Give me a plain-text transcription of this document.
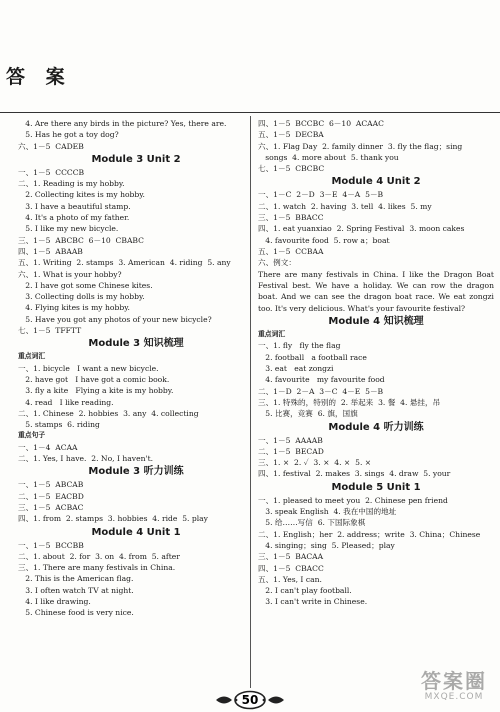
答 案
4. Are there any birds in the picture? Yes, there are.
5. Has he got a toy dog?
六、1－5  CADEB
Module 3 Unit 2
一、1－5  CCCCB
二、1. Reading is my hobby.
2. Collecting kites is my hobby.
3. I have a beautiful stamp.
4. It's a photo of my father.
5. I like my new bicycle.
三、1－5  ABCBC  6－10  CBABC
四、1－5  ABAAB
五、1. Writing  2. stamps  3. American  4. riding  5. any
六、1. What is your hobby?
2. I have got some Chinese kites.
3. Collecting dolls is my hobby.
4. Flying kites is my hobby.
5. Have you got any photos of your new bicycle?
七、1－5  TFFTT
Module 3 知识梳理
重点词汇
一、1. bicycle   I want a new bicycle.
2. have got   I have got a comic book.
3. fly a kite   Flying a kite is my hobby.
4. read   I like reading.
二、1. Chinese  2. hobbies  3. any  4. collecting
5. stamps  6. riding
重点句子
一、1－4  ACAA
二、1. Yes, I have.  2. No, I haven't.
Module 3 听力训练
一、1－5  ABCAB
二、1－5  EACBD
三、1－5  ACBAC
四、1. from  2. stamps  3. hobbies  4. ride  5. play
Module 4 Unit 1
一、1－5  BCCBB
二、1. about  2. for  3. on  4. from  5. after
三、1. There are many festivals in China.
2. This is the American flag.
3. I often watch TV at night.
4. I like drawing.
5. Chinese food is very nice.
四、1－5  BCCBC  6－10  ACAAC
五、1－5  DECBA
六、1. Flag Day  2. family dinner  3. fly the flag；sing
songs  4. more about  5. thank you
七、1－5  CBCBC
Module 4 Unit 2
一、1－C  2－D  3－E  4－A  5－B
二、1. watch  2. having  3. tell  4. likes  5. my
三、1－5  BBACC
四、1. eat yuanxiao  2. Spring Festival  3. moon cakes
4. favourite food  5. row a；boat
五、1－5  CCBAA
六、例文：
There are many festivals in China. I like the Dragon Boat Festival best. We have a holiday. We can row the dragon boat. And we can see the dragon boat race. We eat zongzi too. It's very delicious. What's your favourite festival?
Module 4 知识梳理
重点词汇
一、1. fly   fly the flag
2. football   a football race
3. eat   eat zongzi
4. favourite   my favourite food
二、1－D  2－A  3－C  4－E  5－B
三、1. 特殊的，特别的  2. 举起来  3. 餐  4. 悬挂，吊
5. 比赛，竞赛  6. 旗，国旗
Module 4 听力训练
一、1－5  AAAAB
二、1－5  BECAD
三、1. ×  2. ✓  3. ×  4. ×  5. ×
四、1. festival  2. makes  3. sings  4. draw  5. your
Module 5 Unit 1
一、1. pleased to meet you  2. Chinese pen friend
3. speak English  4. 我在中国的地址
5. 给……写信  6. 下国际象棋
二、1. English；her  2. address；write  3. China；Chinese
4. singing；sing  5. Pleased；play
三、1－5  BACAA
四、1－5  CBACC
五、1. Yes, I can.
2. I can't play football.
3. I can't write in Chinese.
50
答案圈
MXQE.COM
